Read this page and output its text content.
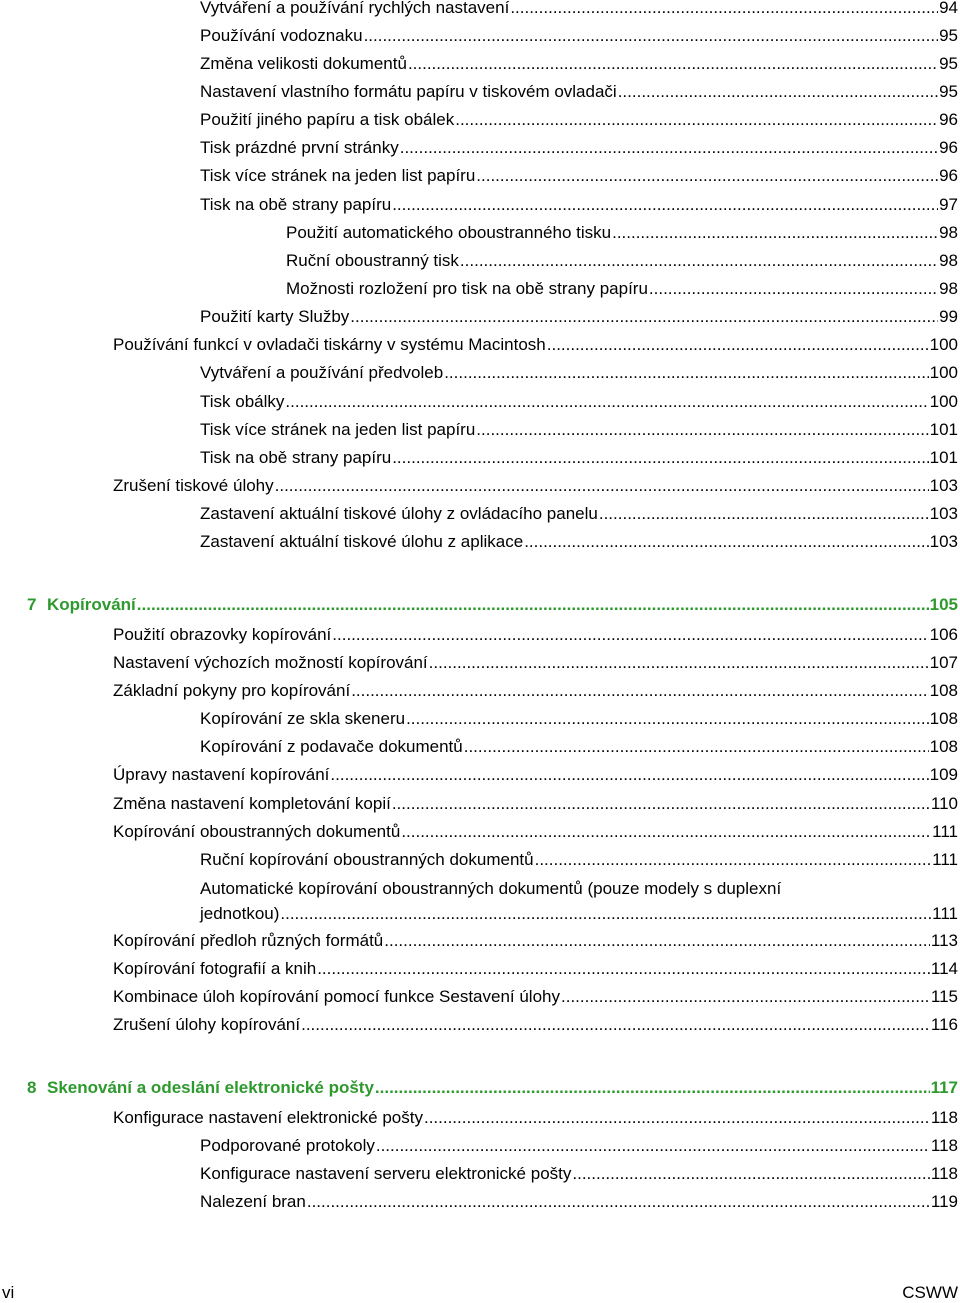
Vytváření a používání rychlých nastavení .....	94
Používání vodoznaku .....	95
Změna velikosti dokumentů .....	95
Nastavení vlastního formátu papíru v tiskovém ovladači .....	95
Použití jiného papíru a tisk obálek .....	96
Tisk prázdné první stránky .....	96
Tisk více stránek na jeden list papíru .....	96
Tisk na obě strany papíru .....	97
Použití automatického oboustranného tisku .....	98
Ruční oboustranný tisk .....	98
Možnosti rozložení pro tisk na obě strany papíru .....	98
Použití karty Služby .....	99
Používání funkcí v ovladači tiskárny v systému Macintosh .....	100
Vytváření a používání předvoleb .....	100
Tisk obálky .....	100
Tisk více stránek na jeden list papíru .....	101
Tisk na obě strany papíru .....	101
Zrušení tiskové úlohy .....	103
Zastavení aktuální tiskové úlohy z ovládacího panelu .....	103
Zastavení aktuální tiskové úlohu z aplikace .....	103
7 Kopírování .....	105
Použití obrazovky kopírování .....	106
Nastavení výchozích možností kopírování .....	107
Základní pokyny pro kopírování .....	108
Kopírování ze skla skeneru .....	108
Kopírování z podavače dokumentů .....	108
Úpravy nastavení kopírování .....	109
Změna nastavení kompletování kopií .....	110
Kopírování oboustranných dokumentů .....	111
Ruční kopírování oboustranných dokumentů .....	111
Automatické kopírování oboustranných dokumentů (pouze modely s duplexní
jednotkou) .....	111
Kopírování předloh různých formátů .....	113
Kopírování fotografií a knih .....	114
Kombinace úloh kopírování pomocí funkce Sestavení úlohy .....	115
Zrušení úlohy kopírování .....	116
8 Skenování a odeslání elektronické pošty .....	117
Konfigurace nastavení elektronické pošty .....	118
Podporované protokoly .....	118
Konfigurace nastavení serveru elektronické pošty .....	118
Nalezení bran .....	119
vi	CSWW
